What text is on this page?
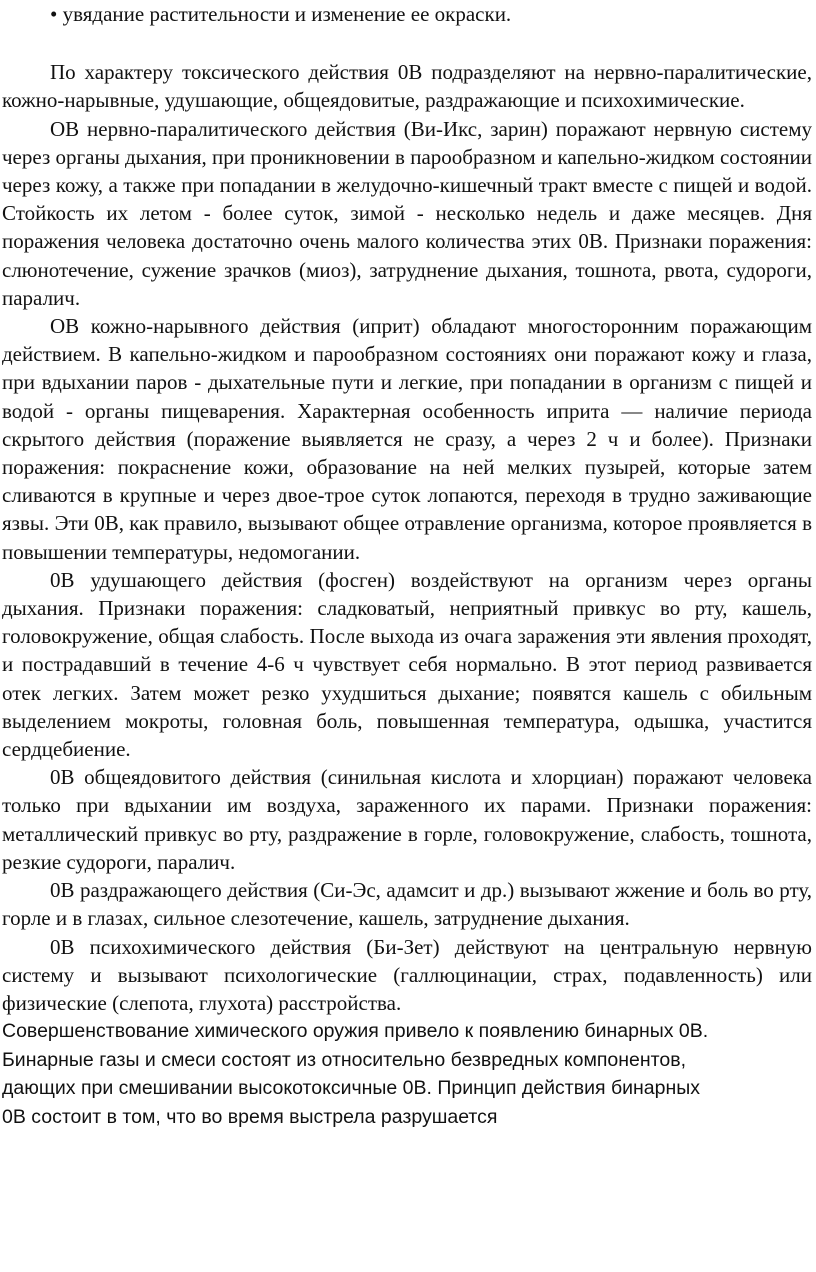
• увядание растительности и изменение ее окраски.

По характеру токсического действия 0В подразделяют на нервно-паралитические, кожно-нарывные, удушающие, общеядовитые, раздражающие и психохимические.

ОВ нервно-паралитического действия (Ви-Икс, зарин) поражают нервную систему через органы дыхания, при проникновении в парообразном и капельно-жидком состоянии через кожу, а также при попадании в желудочно-кишечный тракт вместе с пищей и водой. Стойкость их летом - более суток, зимой - несколько недель и даже месяцев. Дня поражения человека достаточно очень малого количества этих 0В. Признаки поражения: слюнотечение, сужение зрачков (миоз), затруднение дыхания, тошнота, рвота, судороги, паралич.

ОВ кожно-нарывного действия (иприт) обладают многосторонним поражающим действием. В капельно-жидком и парообразном состояниях они поражают кожу и глаза, при вдыхании паров - дыхательные пути и легкие, при попадании в организм с пищей и водой - органы пищеварения. Характерная особенность иприта — наличие периода скрытого действия (поражение выявляется не сразу, а через 2 ч и более). Признаки поражения: покраснение кожи, образование на ней мелких пузырей, которые затем сливаются в крупные и через двое-трое суток лопаются, переходя в трудно заживающие язвы. Эти 0В, как правило, вызывают общее отравление организма, которое проявляется в повышении температуры, недомогании.

0В удушающего действия (фосген) воздействуют на организм через органы дыхания. Признаки поражения: сладковатый, неприятный привкус во рту, кашель, головокружение, общая слабость. После выхода из очага заражения эти явления проходят, и пострадавший в течение 4-6 ч чувствует себя нормально. В этот период развивается отек легких. Затем может резко ухудшиться дыхание; появятся кашель с обильным выделением мокроты, головная боль, повышенная температура, одышка, участится сердцебиение.

0В общеядовитого действия (синильная кислота и хлорциан) поражают человека только при вдыхании им воздуха, зараженного их парами. Признаки поражения: металлический привкус во рту, раздражение в горле, головокружение, слабость, тошнота, резкие судороги, паралич.

0В раздражающего действия (Си-Эс, адамсит и др.) вызывают жжение и боль во рту, горле и в глазах, сильное слезотечение, кашель, затруднение дыхания.

0В психохимического действия (Би-Зет) действуют на центральную нервную систему и вызывают психологические (галлюцинации, страх, подавленность) или физические (слепота, глухота) расстройства.

Совершенствование химического оружия привело к появлению бинарных 0В.
Бинарные газы и смеси состоят из относительно безвредных компонентов,
дающих при смешивании высокотоксичные 0В. Принцип действия бинарных
0В состоит в том, что во время выстрела разрушается
